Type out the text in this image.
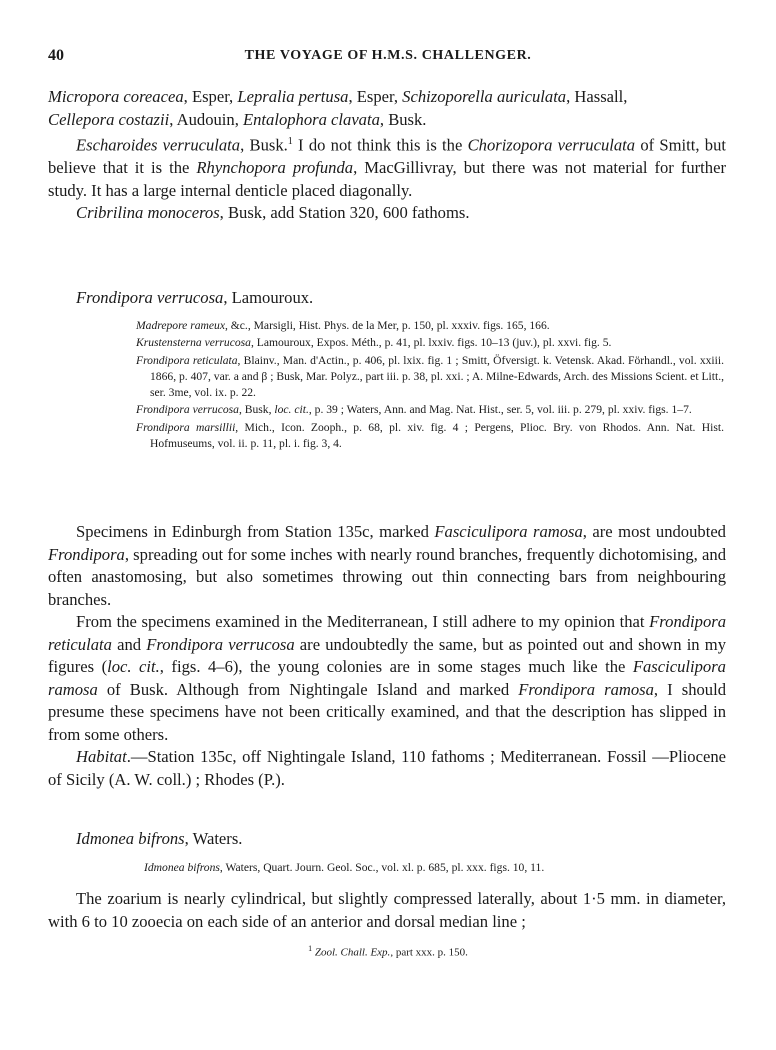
40	THE VOYAGE OF H.M.S. CHALLENGER.

Micropora coreacea, Esper, Lepralia pertusa, Esper, Schizoporella auriculata, Hassall,

Cellepora costazii, Audouin, Entalophora clavata, Busk.

Escharoides verruculata, Busk.$^1$ I do not think this is the Chorizopora verruculata of Smitt, but believe that it is the Rhynchopora profunda, MacGillivray, but there was not material for further study. It has a large internal denticle placed diagonally.

Cribrilina monoceros, Busk, add Station 320, 600 fathoms.

Frondipora verrucosa, Lamouroux.

Madrepore rameux, &c., Marsigli, Hist. Phys. de la Mer, p. 150, pl. xxxiv. figs. 165, 166.

Krustensterna verrucosa, Lamouroux, Expos. Méth., p. 41, pl. lxxiv. figs. 10–13 (juv.), pl. xxvi. fig. 5.

Frondipora reticulata, Blainv., Man. d'Actin., p. 406, pl. lxix. fig. 1 ; Smitt, Öfversigt. k. Vetensk. Akad. Förhandl., vol. xxiii. 1866, p. 407, var. a and β ; Busk, Mar. Polyz., part iii. p. 38, pl. xxi. ; A. Milne-Edwards, Arch. des Missions Scient. et Litt., ser. 3me, vol. ix. p. 22.

Frondipora verrucosa, Busk, loc. cit., p. 39 ; Waters, Ann. and Mag. Nat. Hist., ser. 5, vol. iii. p. 279, pl. xxiv. figs. 1–7.

Frondipora marsillii, Mich., Icon. Zooph., p. 68, pl. xiv. fig. 4 ; Pergens, Plioc. Bry. von Rhodos. Ann. Nat. Hist. Hofmuseums, vol. ii. p. 11, pl. i. fig. 3, 4.

Specimens in Edinburgh from Station 135c, marked Fasciculipora ramosa, are most undoubted Frondipora, spreading out for some inches with nearly round branches, frequently dichotomising, and often anastomosing, but also sometimes throwing out thin connecting bars from neighbouring branches.

From the specimens examined in the Mediterranean, I still adhere to my opinion that Frondipora reticulata and Frondipora verrucosa are undoubtedly the same, but as pointed out and shown in my figures (loc. cit., figs. 4–6), the young colonies are in some stages much like the Fasciculipora ramosa of Busk. Although from Nightingale Island and marked Frondipora ramosa, I should presume these specimens have not been critically examined, and that the description has slipped in from some others.

Habitat.—Station 135c, off Nightingale Island, 110 fathoms ; Mediterranean. Fossil —Pliocene of Sicily (A. W. coll.) ; Rhodes (P.).

Idmonea bifrons, Waters.

Idmonea bifrons, Waters, Quart. Journ. Geol. Soc., vol. xl. p. 685, pl. xxx. figs. 10, 11.

The zoarium is nearly cylindrical, but slightly compressed laterally, about 1·5 mm. in diameter, with 6 to 10 zooecia on each side of an anterior and dorsal median line ;

$^1$ Zool. Chall. Exp., part xxx. p. 150.
